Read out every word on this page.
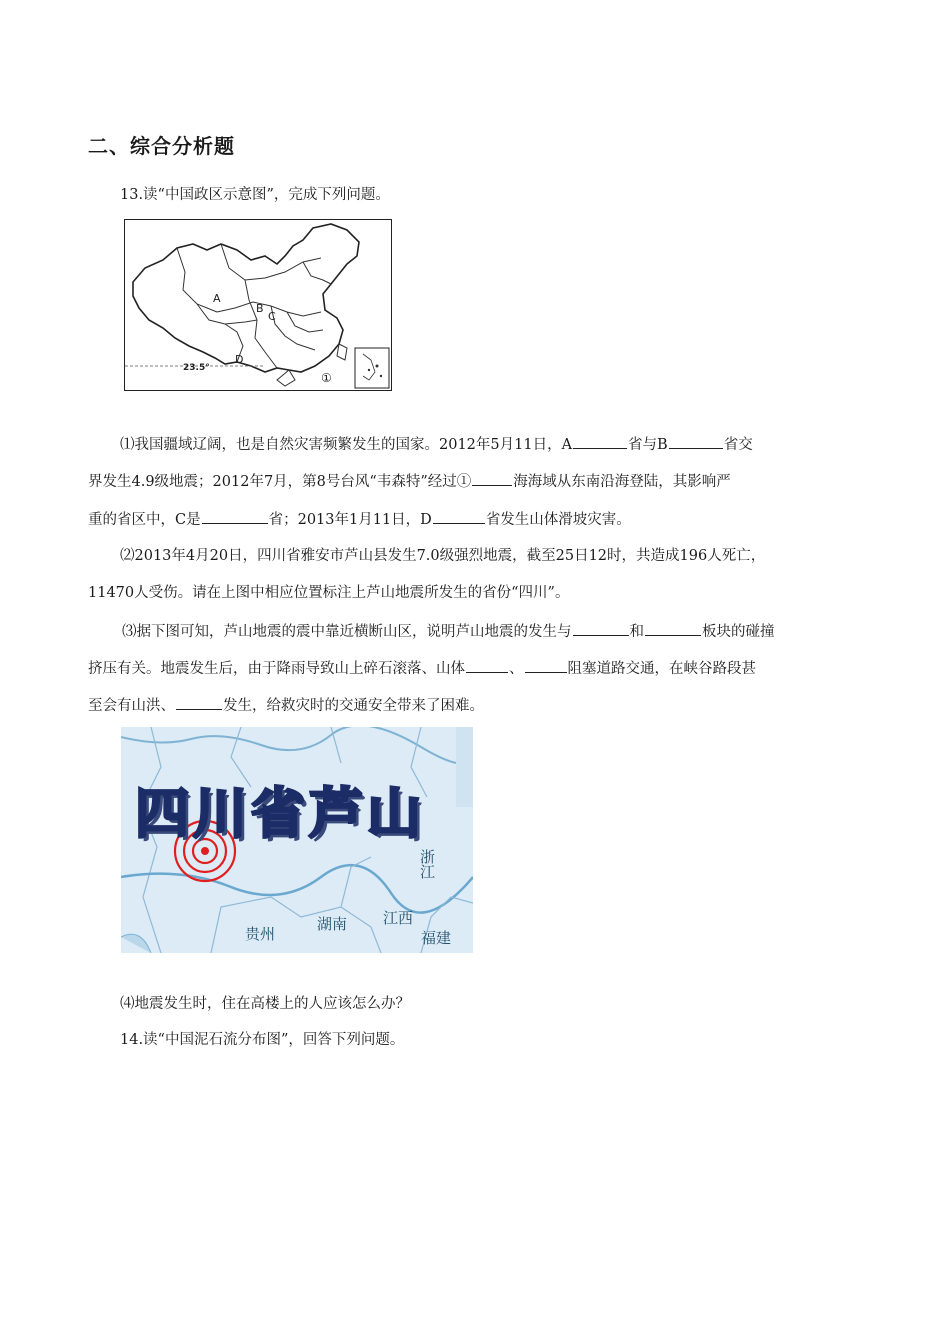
二、综合分析题
13.读“中国政区示意图”，完成下列问题。
A
B
C
D
23.5°
①
⑴我国疆域辽阔，也是自然灾害频繁发生的国家。2012年5月11日，A	省与B	省交
界发生4.9级地震；2012年7月，第8号台风“韦森特”经过①	海海域从东南沿海登陆，其影响严
重的省区中，C是	省；2013年1月11日，D	省发生山体滑坡灾害。
⑵2013年4月20日，四川省雅安市芦山县发生7.0级强烈地震，截至25日12时，共造成196人死亡，
11470人受伤。请在上图中相应位置标注上芦山地震所发生的省份“四川”。
⑶据下图可知，芦山地震的震中靠近横断山区，说明芦山地震的发生与	和	板块的碰撞
挤压有关。地震发生后，由于降雨导致山上碎石滚落、山体	、	阻塞道路交通，在峡谷路段甚
至会有山洪、	发生，给救灾时的交通安全带来了困难。
四川省芦山
贵州
湖南 江西
浙江
福建
⑷地震发生时，住在高楼上的人应该怎么办？
14.读“中国泥石流分布图”，回答下列问题。
